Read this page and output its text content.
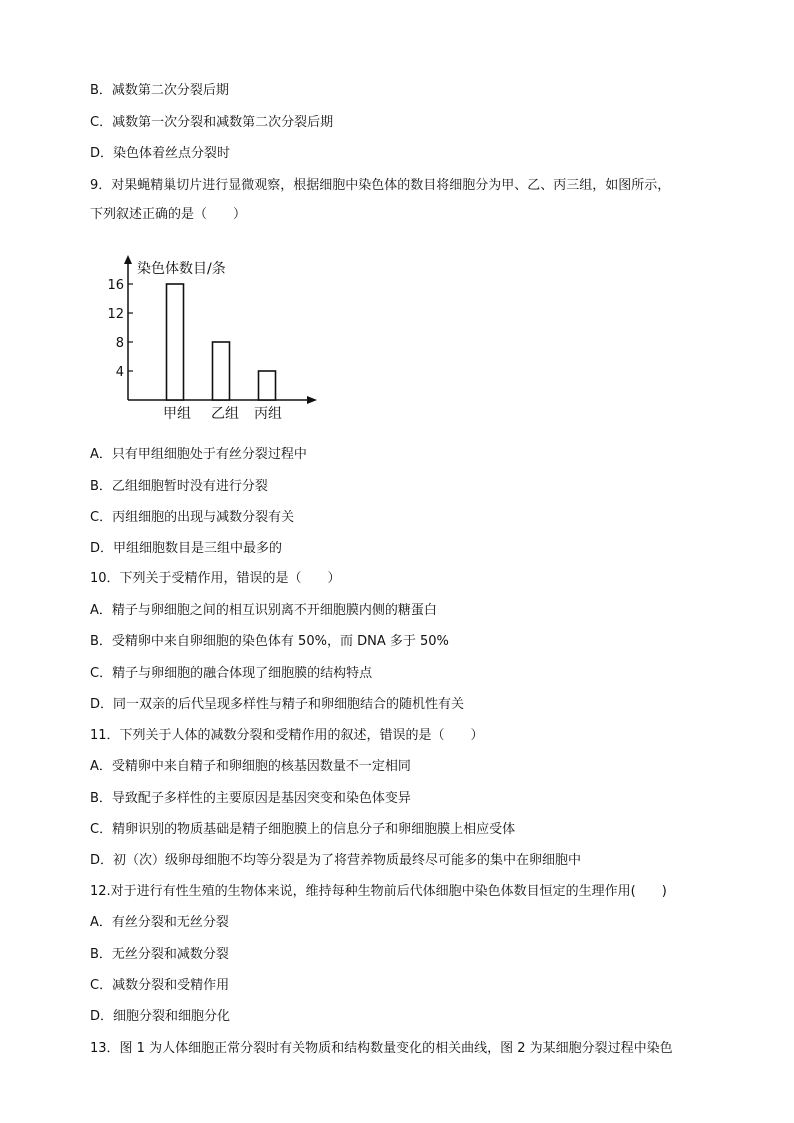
B．减数第二次分裂后期
C．减数第一次分裂和减数第二次分裂后期
D．染色体着丝点分裂时
9．对果蝇精巢切片进行显微观察，根据细胞中染色体的数目将细胞分为甲、乙、丙三组，如图所示，
下列叙述正确的是（　　）
染色体数目/条
4
8
12
16
甲组 乙组 丙组
A．只有甲组细胞处于有丝分裂过程中
B．乙组细胞暂时没有进行分裂
C．丙组细胞的出现与减数分裂有关
D．甲组细胞数目是三组中最多的
10．下列关于受精作用，错误的是（　　）
A．精子与卵细胞之间的相互识别离不开细胞膜内侧的糖蛋白
B．受精卵中来自卵细胞的染色体有 50%，而 DNA 多于 50%
C．精子与卵细胞的融合体现了细胞膜的结构特点
D．同一双亲的后代呈现多样性与精子和卵细胞结合的随机性有关
11．下列关于人体的减数分裂和受精作用的叙述，错误的是（　　）
A．受精卵中来自精子和卵细胞的核基因数量不一定相同
B．导致配子多样性的主要原因是基因突变和染色体变异
C．精卵识别的物质基础是精子细胞膜上的信息分子和卵细胞膜上相应受体
D．初（次）级卵母细胞不均等分裂是为了将营养物质最终尽可能多的集中在卵细胞中
12.对于进行有性生殖的生物体来说，维持每种生物前后代体细胞中染色体数目恒定的生理作用(　　)
A．有丝分裂和无丝分裂
B．无丝分裂和减数分裂
C．减数分裂和受精作用
D．细胞分裂和细胞分化
13．图 1 为人体细胞正常分裂时有关物质和结构数量变化的相关曲线，图 2 为某细胞分裂过程中染色
